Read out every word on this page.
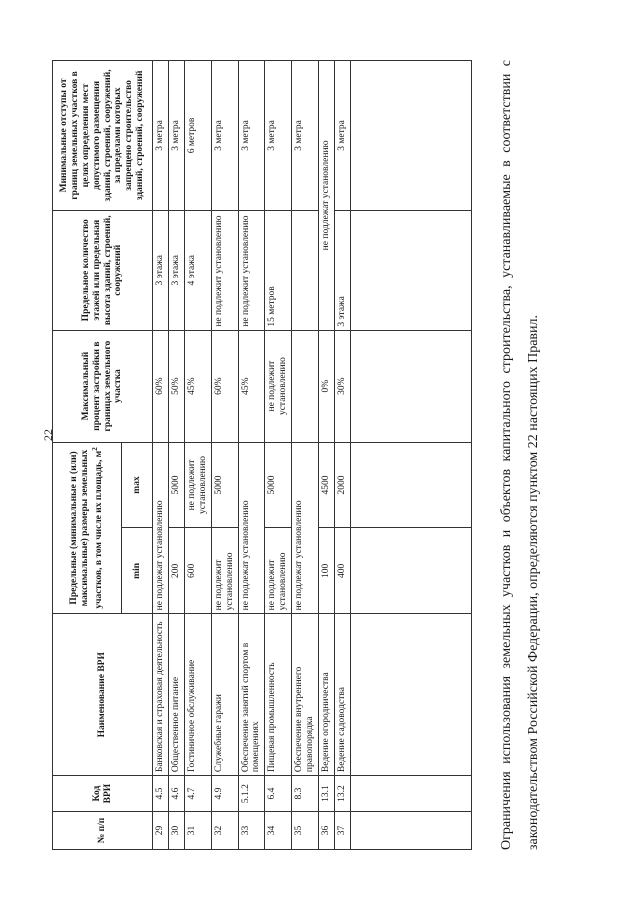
22
№ п/п	Код ВРИ	Наименование ВРИ	Предельные (минимальные и (или) максимальные) размеры земельных участков, в том числе их площадь, $м^2$		Максимальный процент застройки в границах земельного участка	Предельное количество этажей или предельная высота зданий, строений, сооружений	Минимальные отступы от границ земельных участков в целях определения мест допустимого размещения зданий, строений, сооружений, за пределами которых запрещено строительство зданий, строений, сооружений
			min	max			
29	4.5	Банковская и страховая деятельность	не подлежат установлению		60%	3 этажа	3 метра
30	4.6	Общественное питание	200	5000	50%	3 этажа	3 метра
31	4.7	Гостиничное обслуживание	600	не подлежит установлению	45%	4 этажа	6 метров
32	4.9	Служебные гаражи	не подлежит установлению	5000	60%	не подлежит установлению	3 метра
33	5.1.2	Обеспечение занятий спортом в помещениях	не подлежат установлению		45%	не подлежит установлению	3 метра
34	6.4	Пищевая промышленность	не подлежит установлению	5000	не подлежит установлению	15 метров	3 метра
35	8.3	Обеспечение внутреннего правопорядка	не подлежат установлению				3 метра
36	13.1	Ведение огородничества	100	4500	0%	не подлежат установлению	
37	13.2	Ведение садоводства	400	2000	30%	3 этажа	3 метра
								Ограничения использования земельных участков и объектов капитального строительства, устанавливаемые в соответствии с законодательством Российской Федерации, определяются пунктом 22 настоящих Правил.
